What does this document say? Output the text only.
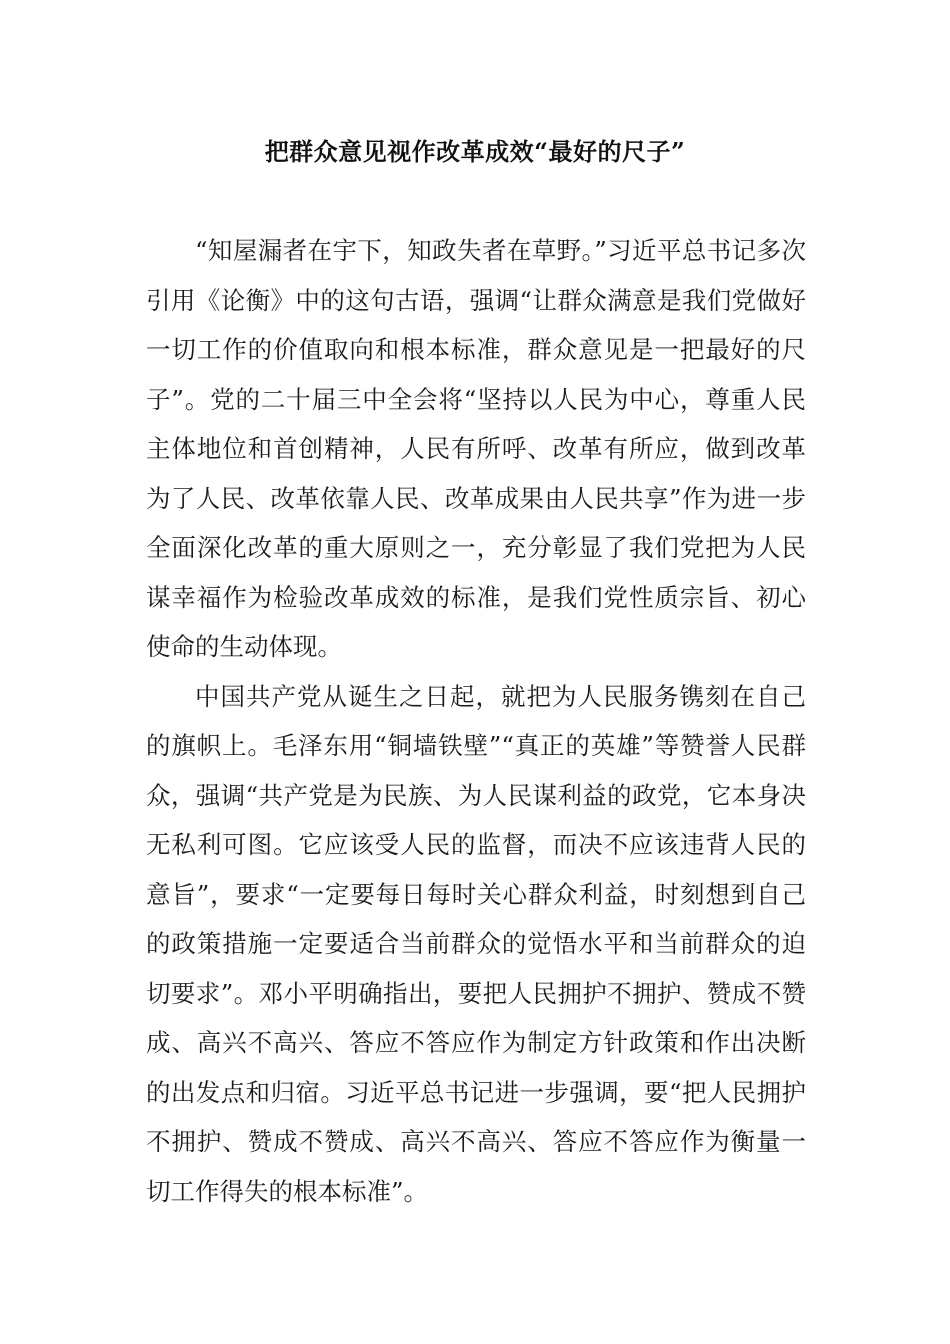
把群众意见视作改革成效“最好的尺子”

“知屋漏者在宇下，知政失者在草野。”习近平总书记多次引用《论衡》中的这句古语，强调“让群众满意是我们党做好一切工作的价值取向和根本标准，群众意见是一把最好的尺子”。党的二十届三中全会将“坚持以人民为中心，尊重人民主体地位和首创精神，人民有所呼、改革有所应，做到改革为了人民、改革依靠人民、改革成果由人民共享”作为进一步全面深化改革的重大原则之一，充分彰显了我们党把为人民谋幸福作为检验改革成效的标准，是我们党性质宗旨、初心使命的生动体现。

中国共产党从诞生之日起，就把为人民服务镌刻在自己的旗帜上。毛泽东用“铜墙铁壁”“真正的英雄”等赞誉人民群众，强调“共产党是为民族、为人民谋利益的政党，它本身决无私利可图。它应该受人民的监督，而决不应该违背人民的意旨”，要求“一定要每日每时关心群众利益，时刻想到自己的政策措施一定要适合当前群众的觉悟水平和当前群众的迫切要求”。邓小平明确指出，要把人民拥护不拥护、赞成不赞成、高兴不高兴、答应不答应作为制定方针政策和作出决断的出发点和归宿。习近平总书记进一步强调，要“把人民拥护不拥护、赞成不赞成、高兴不高兴、答应不答应作为衡量一切工作得失的根本标准”。
